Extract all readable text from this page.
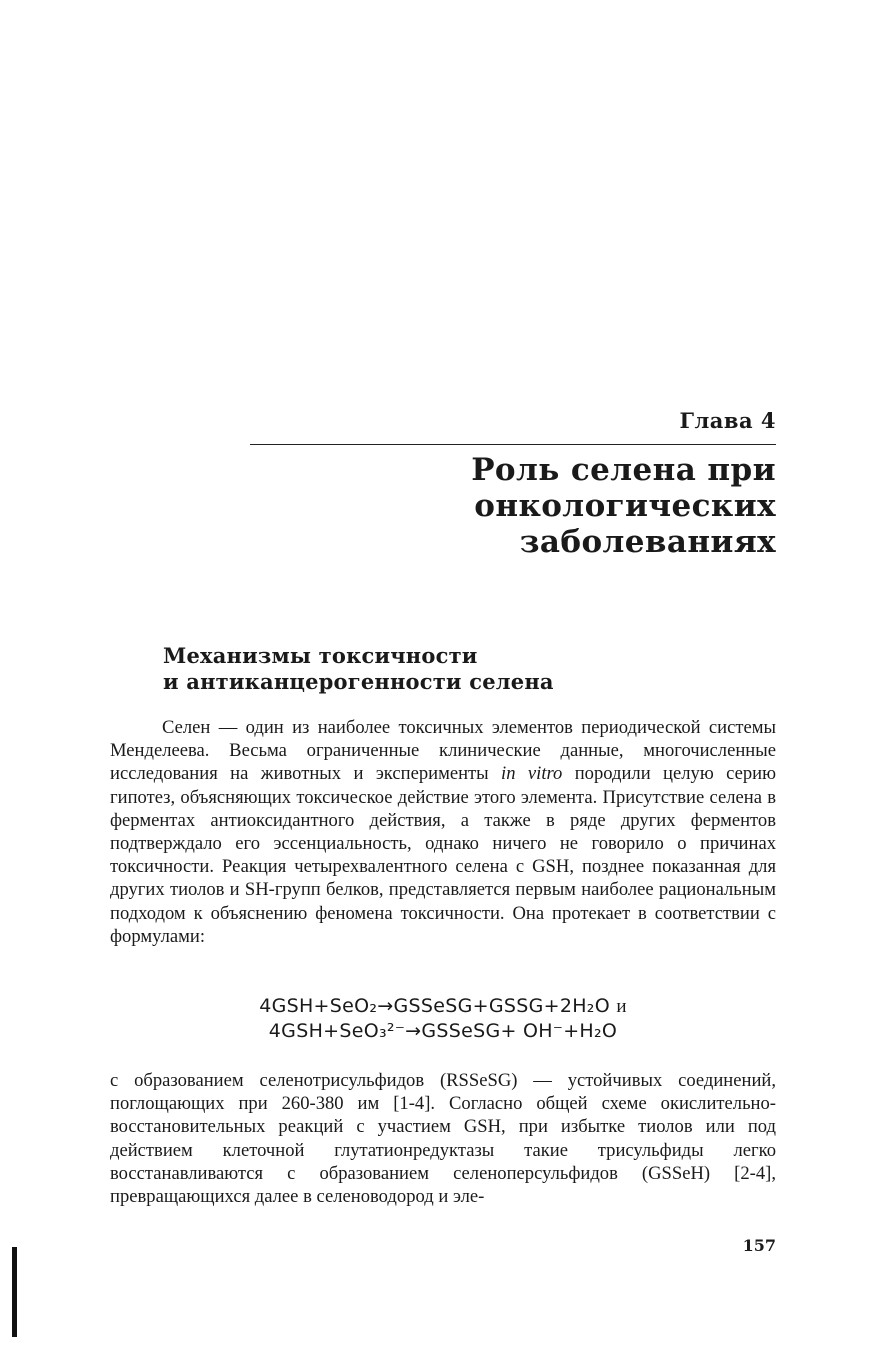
Глава 4
Роль селена при
онкологических
заболеваниях
Механизмы токсичности
и антиканцерогенности селена
Селен — один из наиболее токсичных элементов периодической системы Менделеева. Весьма ограниченные клинические данные, многочисленные исследования на животных и эксперименты in vitro породили целую серию гипотез, объясняющих токсическое действие этого элемента. Присутствие селена в ферментах антиоксидантного действия, а также в ряде других ферментов подтверждало его эссенциальность, однако ничего не говорило о причинах токсичности. Реакция четырехвалентного селена с GSH, позднее показанная для других тиолов и SH-групп белков, представляется первым наиболее рациональным подходом к объяснению феномена токсичности. Она протекает в соответствии с формулами:
4GSH+SeO₂→GSSeSG+GSSG+2H₂O и
4GSH+SeO₃²⁻→GSSeSG+ OH⁻+H₂O
с образованием селенотрисульфидов (RSSeSG) — устойчивых соединений, поглощающих при 260-380 им [1-4]. Согласно общей схеме окислительно-восстановительных реакций с участием GSH, при избытке тиолов или под действием клеточной глутатионредуктазы такие трисульфиды легко восстанавливаются с образованием селеноперсульфидов (GSSeH) [2-4], превращающихся далее в селеноводород и эле-
157
